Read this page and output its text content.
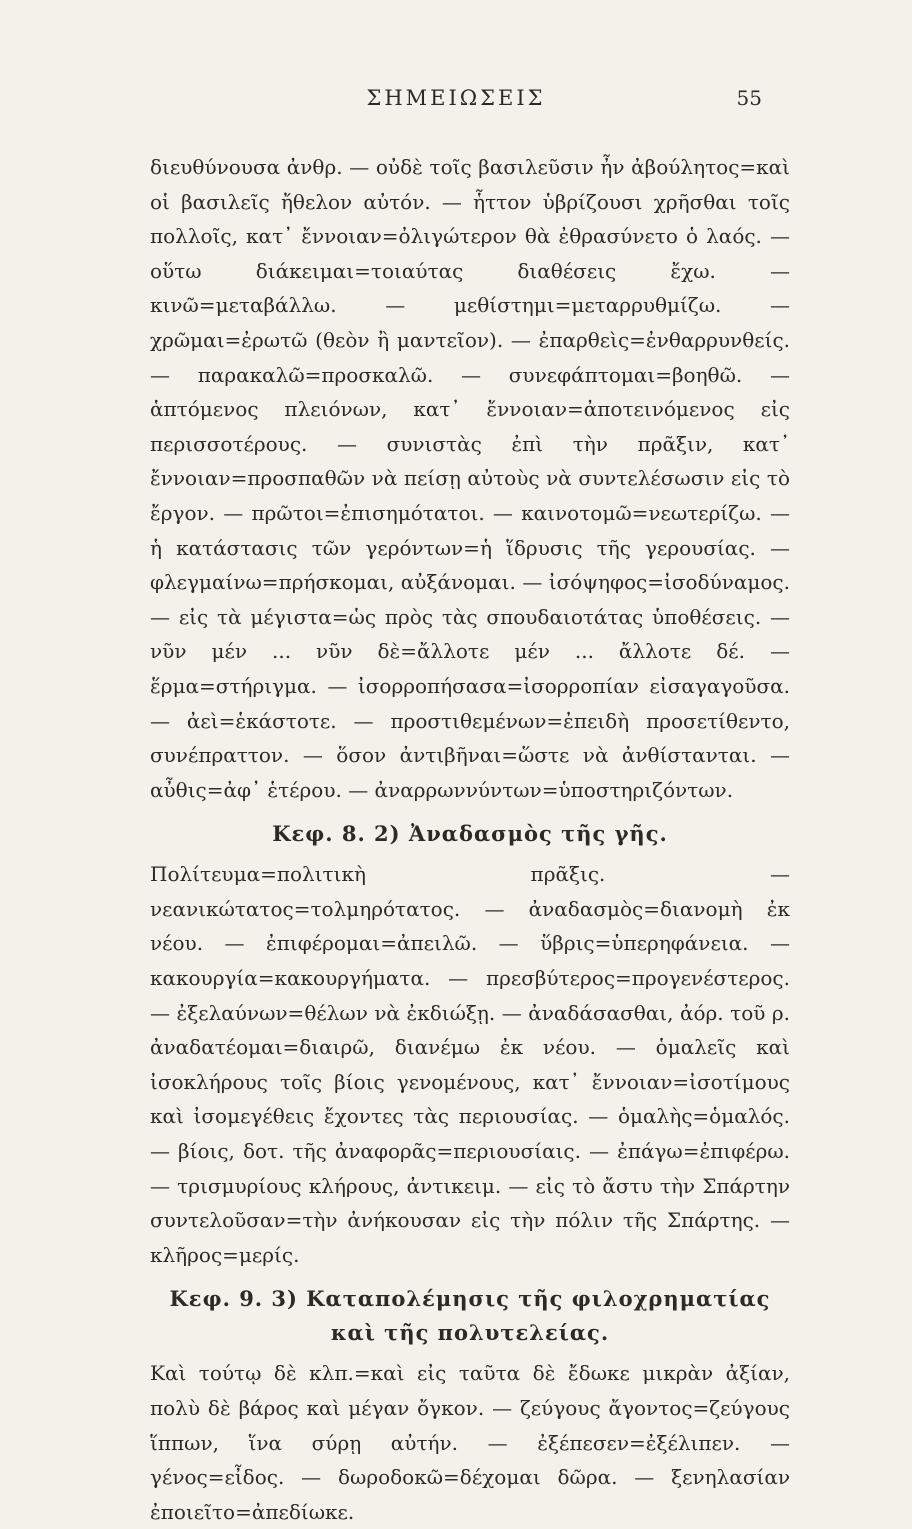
ΣΗΜΕΙΩΣΕΙΣ	55

διευθύνουσα ἀνθρ. — οὐδὲ τοῖς βασιλεῦσιν ἦν ἀβούλητος=καὶ οἱ βασιλεῖς ἤθελον αὐτόν. — ἧττον ὑβρίζουσι χρῆσθαι τοῖς πολλοῖς, κατ᾽ ἔννοιαν=ὀλιγώτερον θὰ ἐθρασύνετο ὁ λαός. — οὕτω διάκειμαι=τοιαύτας διαθέσεις ἔχω. — κινῶ=μεταβάλλω. — μεθίστημι=μεταρρυθμίζω. — χρῶμαι=ἐρωτῶ (θεὸν ἢ μαντεῖον). — ἐπαρθεὶς=ἐνθαρρυνθείς. — παρακαλῶ=προσκαλῶ. — συνεφάπτομαι=βοηθῶ. — ἁπτόμενος πλειόνων, κατ᾽ ἔννοιαν=ἀποτεινόμενος εἰς περισσοτέρους. — συνιστὰς ἐπὶ τὴν πρᾶξιν, κατ᾽ ἔννοιαν=προσπαθῶν νὰ πείσῃ αὐτοὺς νὰ συντελέσωσιν εἰς τὸ ἔργον. — πρῶτοι=ἐπισημότατοι. — καινοτομῶ=νεωτερίζω. — ἡ κατάστασις τῶν γερόντων=ἡ ἵδρυσις τῆς γερουσίας. — φλεγμαίνω=πρήσκομαι, αὐξάνομαι. — ἰσόψηφος=ἰσοδύναμος. — εἰς τὰ μέγιστα=ὡς πρὸς τὰς σπουδαιοτάτας ὑποθέσεις. — νῦν μέν ... νῦν δὲ=ἄλλοτε μέν ... ἄλλοτε δέ. — ἕρμα=στήριγμα. — ἰσορροπήσασα=ἰσορροπίαν εἰσαγαγοῦσα. — ἀεὶ=ἑκάστοτε. — προστιθεμένων=ἐπειδὴ προσετίθεντο, συνέπραττον. — ὅσον ἀντιβῆναι=ὥστε νὰ ἀνθίστανται. — αὖθις=ἀφ᾽ ἑτέρου. — ἀναρρωννύντων=ὑποστηριζόντων.

Κεφ. 8. 2) Ἀναδασμὸς τῆς γῆς.

Πολίτευμα=πολιτικὴ πρᾶξις. — νεανικώτατος=τολμηρότατος. — ἀναδασμὸς=διανομὴ ἐκ νέου. — ἐπιφέρομαι=ἀπειλῶ. — ὕβρις=ὑπερηφάνεια. — κακουργία=κακουργήματα. — πρεσβύτερος=προγενέστερος. — ἐξελαύνων=θέλων νὰ ἐκδιώξῃ. — ἀναδάσασθαι, ἀόρ. τοῦ ρ. ἀναδατέομαι=διαιρῶ, διανέμω ἐκ νέου. — ὁμαλεῖς καὶ ἰσοκλήρους τοῖς βίοις γενομένους, κατ᾽ ἔννοιαν=ἰσοτίμους καὶ ἰσομεγέθεις ἔχοντες τὰς περιουσίας. — ὁμαλὴς=ὁμαλός. — βίοις, δοτ. τῆς ἀναφορᾶς=περιουσίαις. — ἐπάγω=ἐπιφέρω. — τρισμυρίους κλήρους, ἀντικειμ. — εἰς τὸ ἄστυ τὴν Σπάρτην συντελοῦσαν=τὴν ἀνήκουσαν εἰς τὴν πόλιν τῆς Σπάρτης. — κλῆρος=μερίς.

Κεφ. 9. 3) Καταπολέμησις τῆς φιλοχρηματίας
καὶ τῆς πολυτελείας.

Καὶ τούτῳ δὲ κλπ.=καὶ εἰς ταῦτα δὲ ἔδωκε μικρὰν ἀξίαν, πολὺ δὲ βάρος καὶ μέγαν ὄγκον. — ζεύγους ἄγοντος=ζεύγους ἵππων, ἵνα σύρῃ αὐτήν. — ἐξέπεσεν=ἐξέλιπεν. — γένος=εἶδος. — δωροδοκῶ=δέχομαι δῶρα. — ξενηλασίαν ἐποιεῖτο=ἀπεδίωκε.
